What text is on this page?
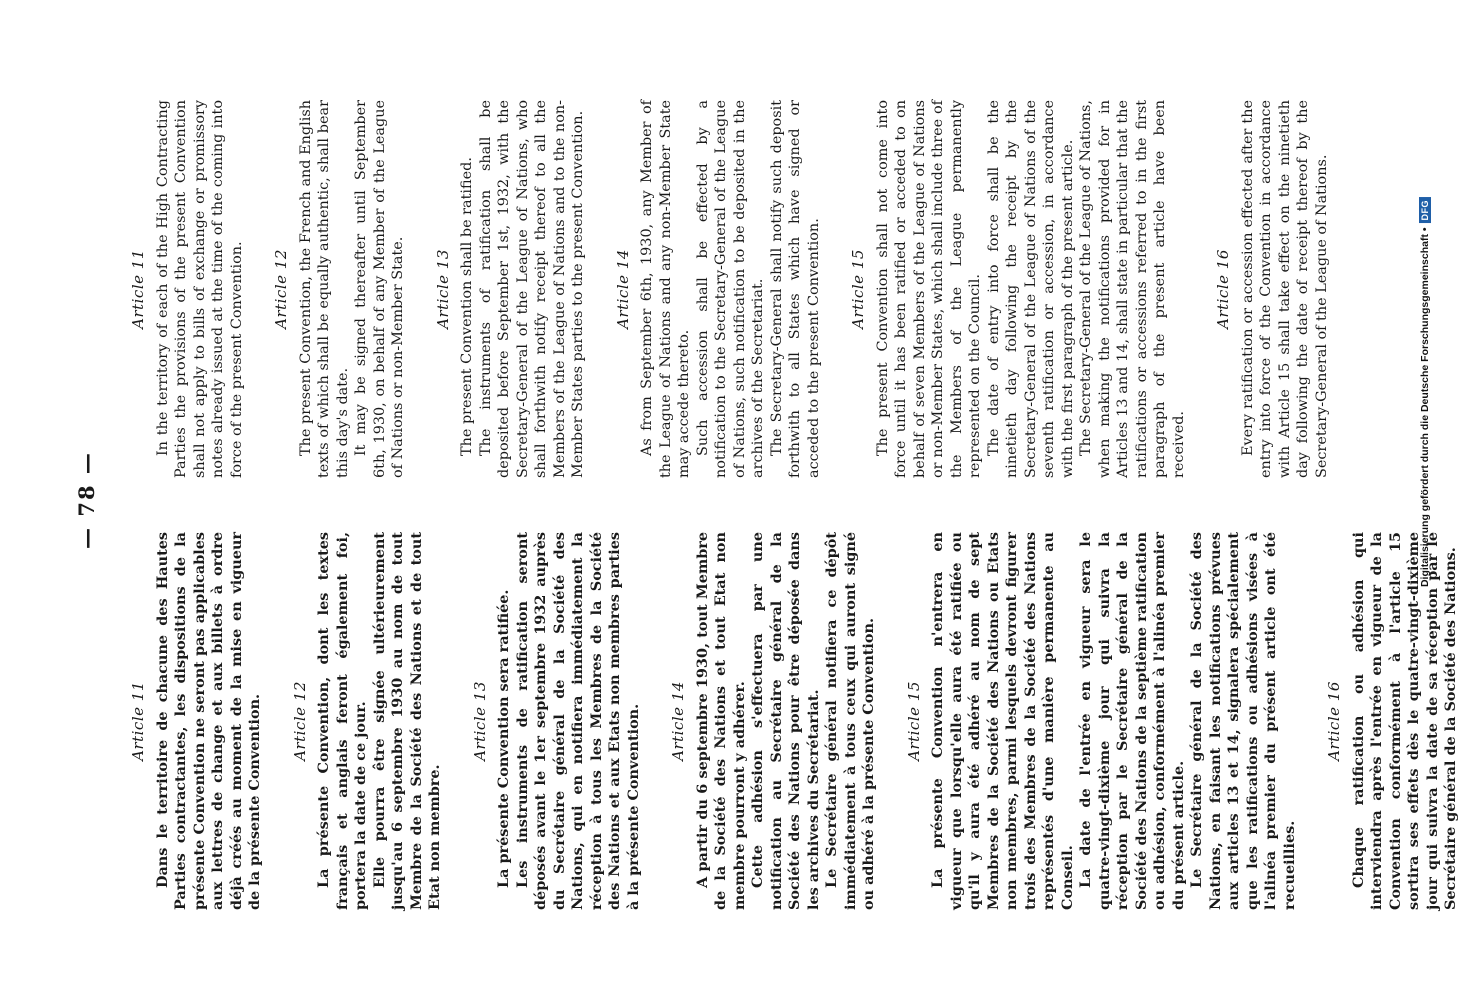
— 78 —
Article 11 Dans le territoire de chacune des Hautes Parties contractantes, les dispositions de la présente Convention ne seront pas applicables aux lettres de change et aux billets à ordre déjà créés au moment de la mise en vigueur de la présente Convention. Article 12 La présente Convention, dont les textes français et anglais feront également foi, portera la date de ce jour. Elle pourra être signée ultérieurement jusqu'au 6 septembre 1930 au nom de tout Membre de la Société des Nations et de tout Etat non membre.

Article 13 La présente Convention sera ratifiée. Les instruments de ratification seront déposés avant le 1er septembre 1932 auprès du Secrétaire général de la Société des Nations, qui en notifiera immédiatement la réception à tous les Membres de la Société des Nations et aux Etats non membres parties à la présente Convention. Article 14 A partir du 6 septembre 1930, tout Membre de la Société des Nations et tout Etat non membre pourront y adhérer. Cette adhésion s'effectuera par une notification au Secrétaire général de la Société des Nations pour être déposée dans les archives du Secrétariat. Le Secrétaire général notifiera ce dépôt immédiatement à tous ceux qui auront signé ou adhéré à la présente Convention. Article 15 La présente Convention n'entrera en vigueur que lorsqu'elle aura été ratifiée ou qu'il y aura été adhéré au nom de sept Membres de la Société des Nations ou Etats non membres, parmi lesquels devront figurer trois des Membres de la Société des Nations représentés d'une manière permanente au Conseil. La date de l'entrée en vigueur sera le quatre-vingt-dixième jour qui suivra la réception par le Secrétaire général de la Société des Nations de la septième ratification ou adhésion, conformément à l'alinéa premier du présent article. Le Secrétaire général de la Société des Nations, en faisant les notifications prévues aux articles 13 et 14, signalera spécialement que les ratifications ou adhésions visées à l'alinéa premier du présent article ont été recueillies.

Article 16 Chaque ratification ou adhésion qui interviendra après l'entrée en vigueur de la Convention conformément à l'article 15 sortira ses effets dès le quatre-vingt-dixième jour qui suivra la date de sa réception par le Secrétaire général de la Société des Nations.

Article 11 In the territory of each of the High Contracting Parties the provisions of the present Convention shall not apply to bills of exchange or promissory notes already issued at the time of the coming into force of the present Convention. Article 12 The present Convention, the French and English texts of which shall be equally authentic, shall bear this day's date. It may be signed thereafter until September 6th, 1930, on behalf of any Member of the League of Nations or non-Member State. Article 13 The present Convention shall be ratified. The instruments of ratification shall be deposited before September 1st, 1932, with the Secretary-General of the League of Nations, who shall forthwith notify receipt thereof to all the Members of the League of Nations and to the non-Member States parties to the present Convention. Article 14 As from September 6th, 1930, any Member of the League of Nations and any non-Member State may accede thereto. Such accession shall be effected by a notification to the Secretary-General of the League of Nations, such notification to be deposited in the archives of the Secretariat. The Secretary-General shall notify such deposit forthwith to all States which have signed or acceded to the present Convention. Article 15 The present Convention shall not come into force until it has been ratified or acceded to on behalf of seven Members of the League of Nations or non-Member States, which shall include three of the Members of the League permanently represented on the Council. The date of entry into force shall be the ninetieth day following the receipt by the Secretary-General of the League of Nations of the seventh ratification or accession, in accordance with the first paragraph of the present article. The Secretary-General of the League of Nations, when making the notifications provided for in Articles 13 and 14, shall state in particular that the ratifications or accessions referred to in the first paragraph of the present article have been received.

Article 16 Every ratification or accession effected after the entry into force of the Convention in accordance with Article 15 shall take effect on the ninetieth day following the date of receipt thereof by the Secretary-General of the League of Nations.	Digitalisierung gefördert durch die Deutsche Forschungsgemeinschaft •
DFG
